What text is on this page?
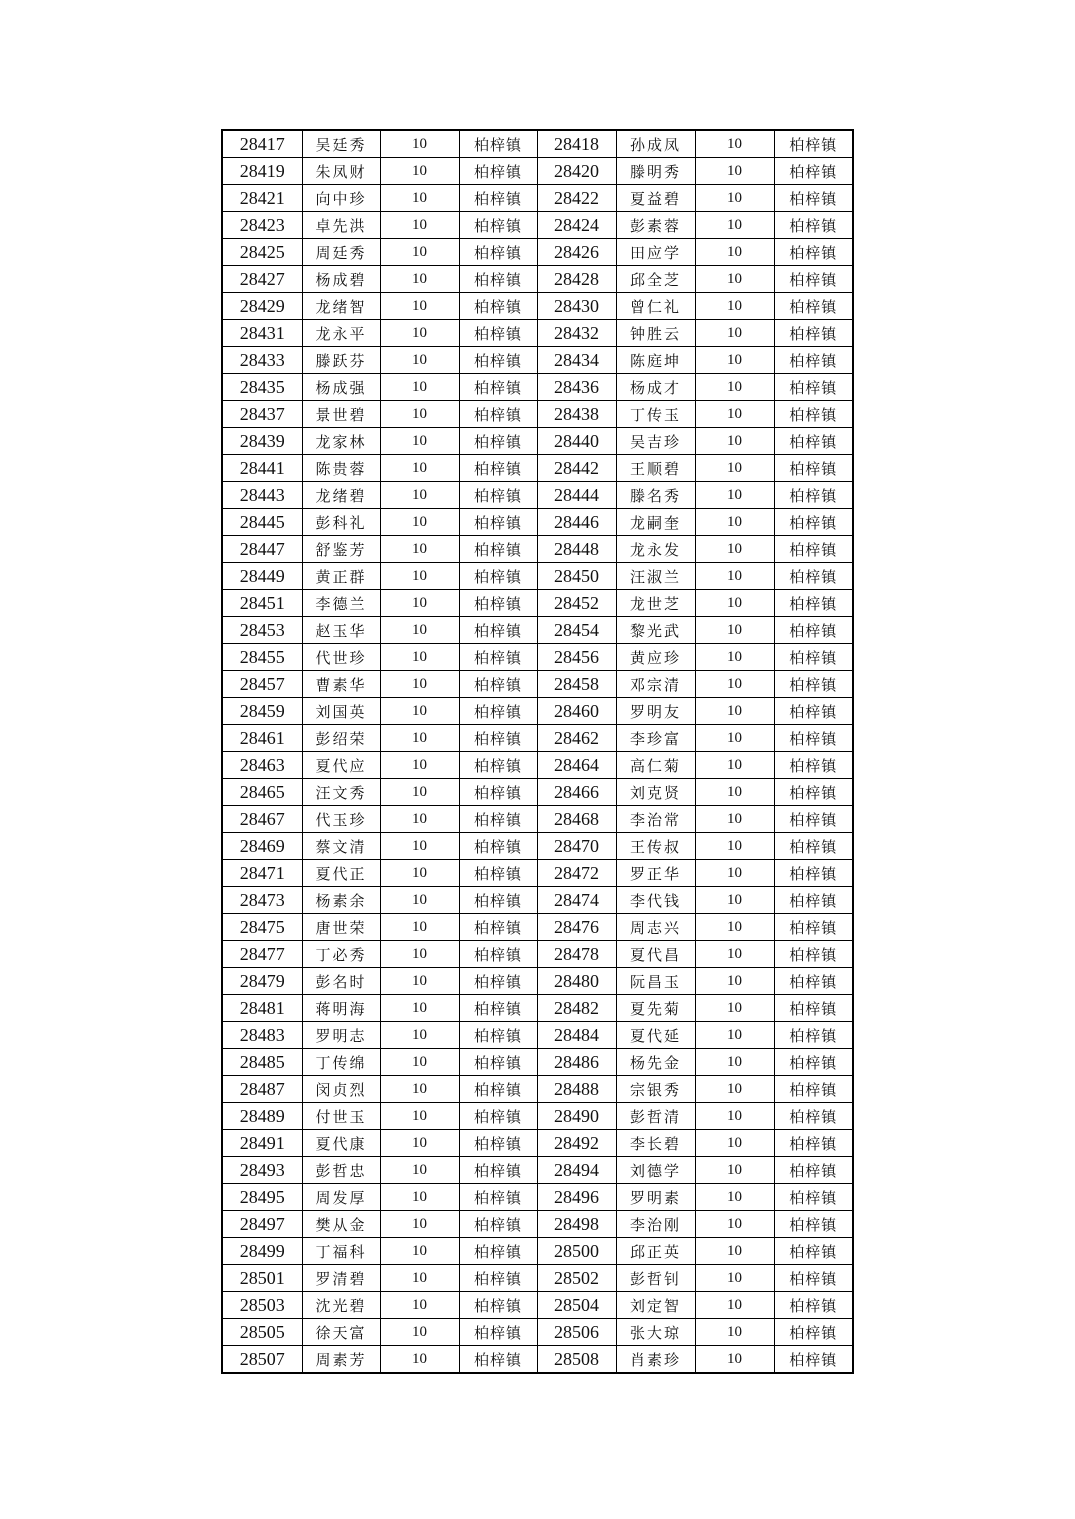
28417	吴廷秀	10	柏梓镇	28418	孙成凤	10	柏梓镇
28419	朱凤财	10	柏梓镇	28420	滕明秀	10	柏梓镇
28421	向中珍	10	柏梓镇	28422	夏益碧	10	柏梓镇
28423	卓先洪	10	柏梓镇	28424	彭素蓉	10	柏梓镇
28425	周廷秀	10	柏梓镇	28426	田应学	10	柏梓镇
28427	杨成碧	10	柏梓镇	28428	邱全芝	10	柏梓镇
28429	龙绪智	10	柏梓镇	28430	曾仁礼	10	柏梓镇
28431	龙永平	10	柏梓镇	28432	钟胜云	10	柏梓镇
28433	滕跃芬	10	柏梓镇	28434	陈庭坤	10	柏梓镇
28435	杨成强	10	柏梓镇	28436	杨成才	10	柏梓镇
28437	景世碧	10	柏梓镇	28438	丁传玉	10	柏梓镇
28439	龙家林	10	柏梓镇	28440	吴吉珍	10	柏梓镇
28441	陈贵蓉	10	柏梓镇	28442	王顺碧	10	柏梓镇
28443	龙绪碧	10	柏梓镇	28444	滕名秀	10	柏梓镇
28445	彭科礼	10	柏梓镇	28446	龙嗣奎	10	柏梓镇
28447	舒鉴芳	10	柏梓镇	28448	龙永发	10	柏梓镇
28449	黄正群	10	柏梓镇	28450	汪淑兰	10	柏梓镇
28451	李德兰	10	柏梓镇	28452	龙世芝	10	柏梓镇
28453	赵玉华	10	柏梓镇	28454	黎光武	10	柏梓镇
28455	代世珍	10	柏梓镇	28456	黄应珍	10	柏梓镇
28457	曹素华	10	柏梓镇	28458	邓宗清	10	柏梓镇
28459	刘国英	10	柏梓镇	28460	罗明友	10	柏梓镇
28461	彭绍荣	10	柏梓镇	28462	李珍富	10	柏梓镇
28463	夏代应	10	柏梓镇	28464	高仁菊	10	柏梓镇
28465	汪文秀	10	柏梓镇	28466	刘克贤	10	柏梓镇
28467	代玉珍	10	柏梓镇	28468	李治常	10	柏梓镇
28469	蔡文清	10	柏梓镇	28470	王传叔	10	柏梓镇
28471	夏代正	10	柏梓镇	28472	罗正华	10	柏梓镇
28473	杨素余	10	柏梓镇	28474	李代钱	10	柏梓镇
28475	唐世荣	10	柏梓镇	28476	周志兴	10	柏梓镇
28477	丁必秀	10	柏梓镇	28478	夏代昌	10	柏梓镇
28479	彭名时	10	柏梓镇	28480	阮昌玉	10	柏梓镇
28481	蒋明海	10	柏梓镇	28482	夏先菊	10	柏梓镇
28483	罗明志	10	柏梓镇	28484	夏代延	10	柏梓镇
28485	丁传绵	10	柏梓镇	28486	杨先金	10	柏梓镇
28487	闵贞烈	10	柏梓镇	28488	宗银秀	10	柏梓镇
28489	付世玉	10	柏梓镇	28490	彭哲清	10	柏梓镇
28491	夏代康	10	柏梓镇	28492	李长碧	10	柏梓镇
28493	彭哲忠	10	柏梓镇	28494	刘德学	10	柏梓镇
28495	周发厚	10	柏梓镇	28496	罗明素	10	柏梓镇
28497	樊从金	10	柏梓镇	28498	李治刚	10	柏梓镇
28499	丁福科	10	柏梓镇	28500	邱正英	10	柏梓镇
28501	罗清碧	10	柏梓镇	28502	彭哲钊	10	柏梓镇
28503	沈光碧	10	柏梓镇	28504	刘定智	10	柏梓镇
28505	徐天富	10	柏梓镇	28506	张大琼	10	柏梓镇
28507	周素芳	10	柏梓镇	28508	肖素珍	10	柏梓镇
